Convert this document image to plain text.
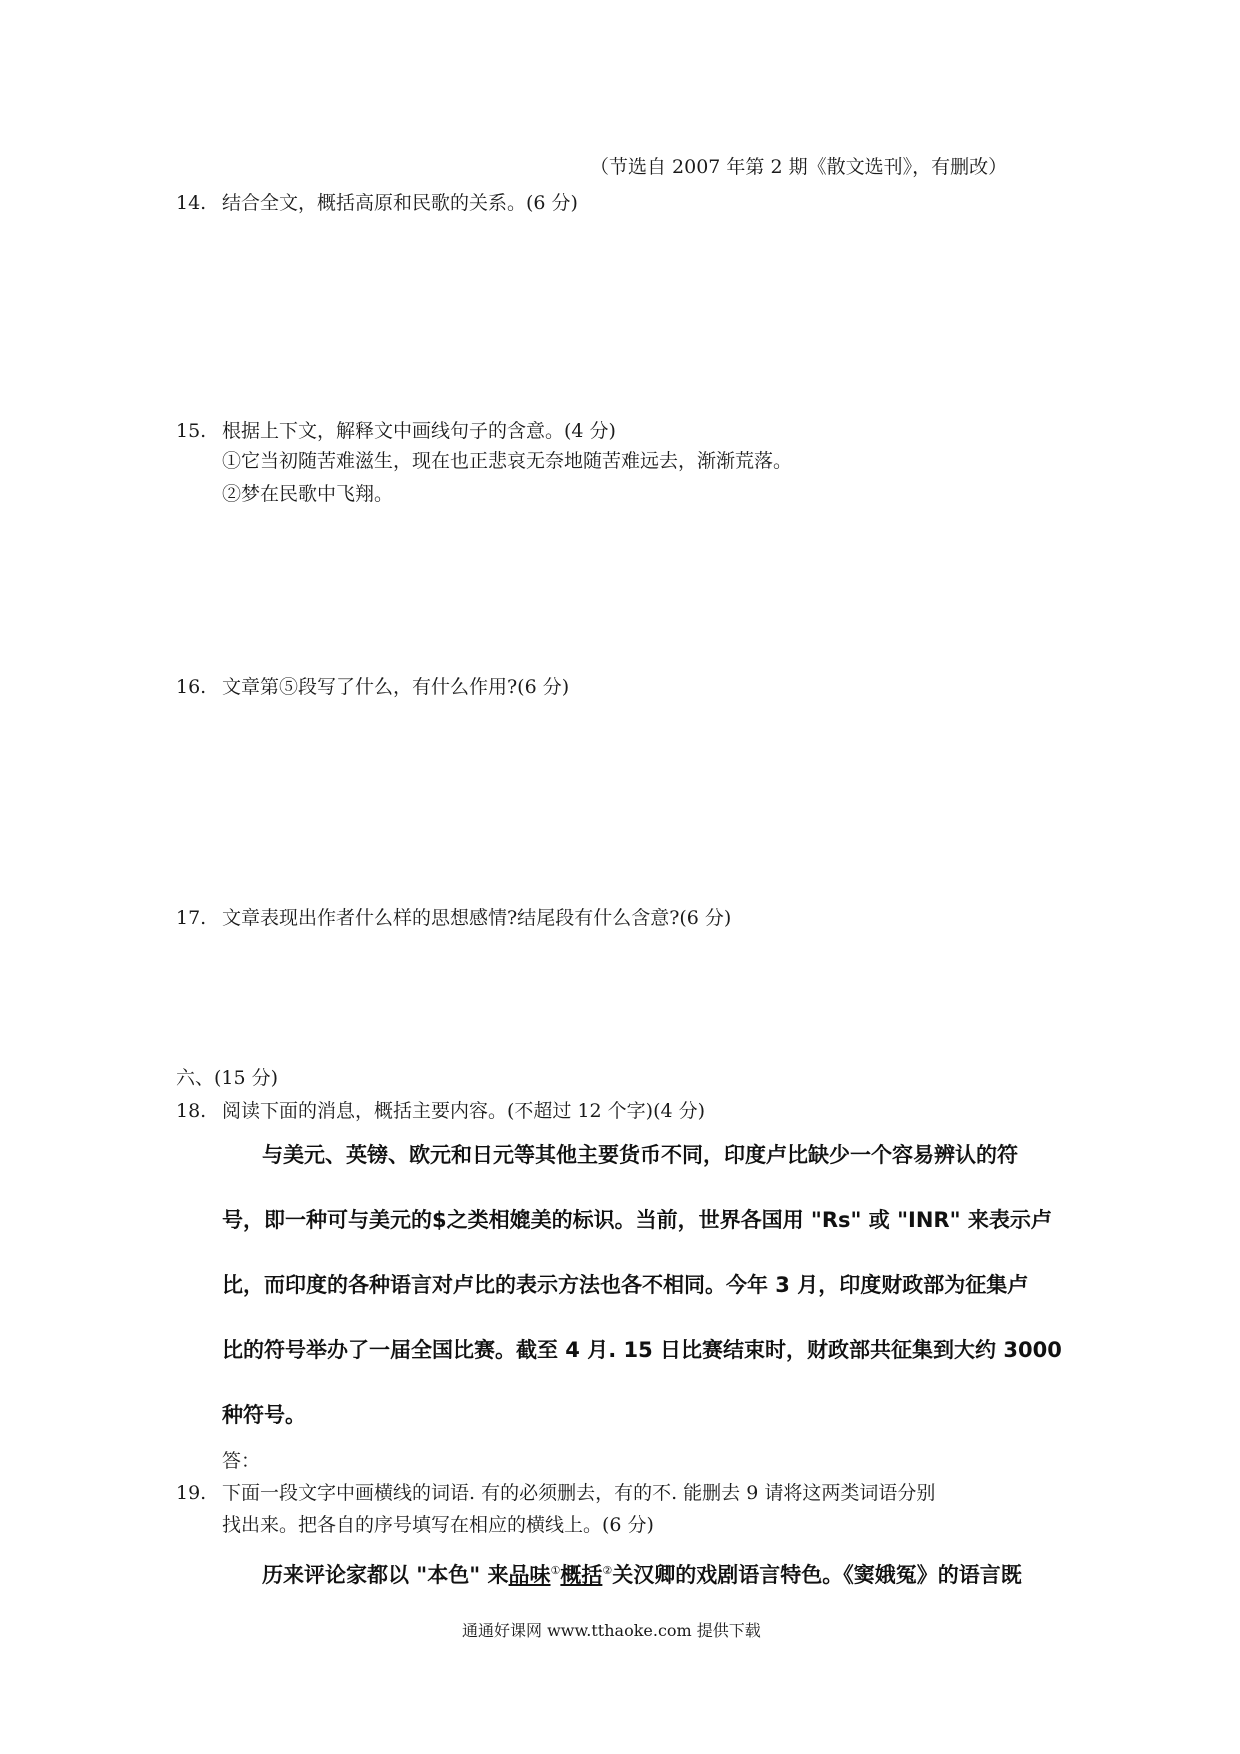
（节选自 2007 年第 2 期《散文选刊》，有删改）
14. 结合全文，概括高原和民歌的关系。(6 分)
15. 根据上下文，解释文中画线句子的含意。(4 分)
①它当初随苦难滋生，现在也正悲哀无奈地随苦难远去，渐渐荒落。
②梦在民歌中飞翔。
16. 文章第⑤段写了什么，有什么作用?(6 分)
17. 文章表现出作者什么样的思想感情?结尾段有什么含意?(6 分)
六、(15 分)
18. 阅读下面的消息，概括主要内容。(不超过 12 个字)(4 分)
与美元、英镑、欧元和日元等其他主要货币不同，印度卢比缺少一个容易辨认的符
号，即一种可与美元的$之类相媲美的标识。当前，世界各国用 "Rs" 或 "INR" 来表示卢
比，而印度的各种语言对卢比的表示方法也各不相同。今年 3 月，印度财政部为征集卢
比的符号举办了一届全国比赛。截至 4 月. 15 日比赛结束时，财政部共征集到大约 3000
种符号。
答：
19. 下面一段文字中画横线的词语. 有的必须删去，有的不. 能删去 9 请将这两类词语分别
找出来。把各自的序号填写在相应的横线上。(6 分)
历来评论家都以 "本色" 来品味①概括②关汉卿的戏剧语言特色。《窦娥冤》的语言既
通通好课网 www.tthaoke.com 提供下载
